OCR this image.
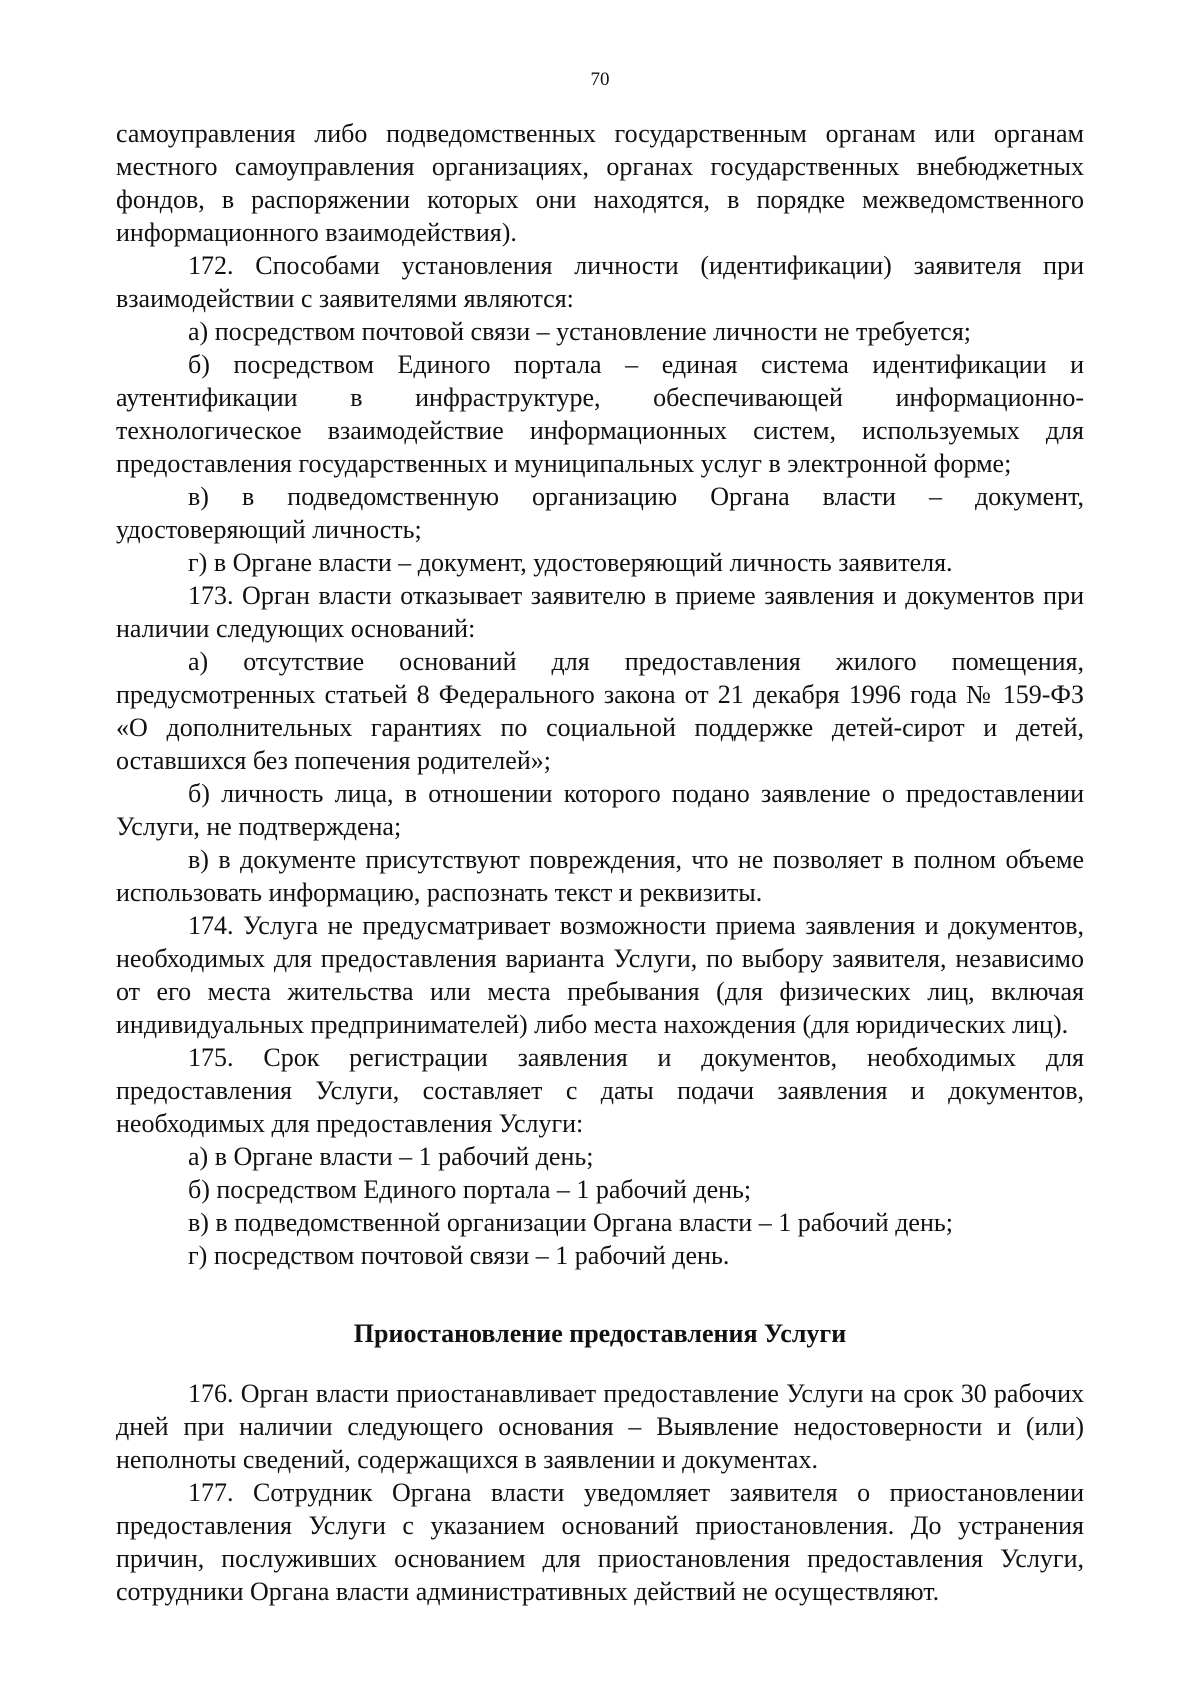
70

самоуправления либо подведомственных государственным органам или органам местного самоуправления организациях, органах государственных внебюджетных фондов, в распоряжении которых они находятся, в порядке межведомственного информационного взаимодействия).

172. Способами установления личности (идентификации) заявителя при взаимодействии с заявителями являются:

а) посредством почтовой связи – установление личности не требуется;

б) посредством Единого портала – единая система идентификации и аутентификации в инфраструктуре, обеспечивающей информационно-технологическое взаимодействие информационных систем, используемых для предоставления государственных и муниципальных услуг в электронной форме;

в) в подведомственную организацию Органа власти – документ, удостоверяющий личность;

г) в Органе власти – документ, удостоверяющий личность заявителя.

173. Орган власти отказывает заявителю в приеме заявления и документов при наличии следующих оснований:

а) отсутствие оснований для предоставления жилого помещения, предусмотренных статьей 8 Федерального закона от 21 декабря 1996 года № 159-ФЗ «О дополнительных гарантиях по социальной поддержке детей-сирот и детей, оставшихся без попечения родителей»;

б) личность лица, в отношении которого подано заявление о предоставлении Услуги, не подтверждена;

в) в документе присутствуют повреждения, что не позволяет в полном объеме использовать информацию, распознать текст и реквизиты.

174. Услуга не предусматривает возможности приема заявления и документов, необходимых для предоставления варианта Услуги, по выбору заявителя, независимо от его места жительства или места пребывания (для физических лиц, включая индивидуальных предпринимателей) либо места нахождения (для юридических лиц).

175. Срок регистрации заявления и документов, необходимых для предоставления Услуги, составляет с даты подачи заявления и документов, необходимых для предоставления Услуги:

а) в Органе власти – 1 рабочий день;

б) посредством Единого портала – 1 рабочий день;

в) в подведомственной организации Органа власти – 1 рабочий день;

г) посредством почтовой связи – 1 рабочий день.

Приостановление предоставления Услуги

176. Орган власти приостанавливает предоставление Услуги на срок 30 рабочих дней при наличии следующего основания – Выявление недостоверности и (или) неполноты сведений, содержащихся в заявлении и документах.

177. Сотрудник Органа власти уведомляет заявителя о приостановлении предоставления Услуги с указанием оснований приостановления. До устранения причин, послуживших основанием для приостановления предоставления Услуги, сотрудники Органа власти административных действий не осуществляют.
